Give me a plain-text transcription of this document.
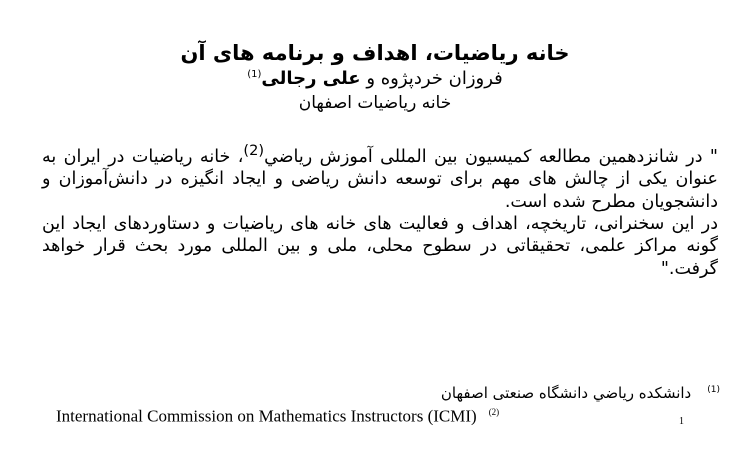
خانه ریاضیات، اهداف و برنامه های آن
فروزان خردپژوه و علی رجالی$^{(1)}$
خانه ریاضیات اصفهان

" در شانزدهمین مطالعه کمیسیون بین المللی آموزش رياضي$^{(2)}$، خانه ریاضیات در ایران به عنوان یکی از چالش های مهم برای توسعه دانش ریاضی و ایجاد انگیزه در دانش‌آموزان و دانشجویان مطرح شده است.

در این سخنرانی، تاریخچه، اهداف و فعالیت های خانه های ریاضیات و دستاوردهای ایجاد این گونه مراکز علمی، تحقیقاتی در سطوح محلی، ملی و بین المللی مورد بحث قرار خواهد گرفت."

$^{(1)}$دانشکده رياضي دانشگاه صنعتی اصفهان
International Commission on Mathematics Instructors (ICMI) $^{(2)}$
1
